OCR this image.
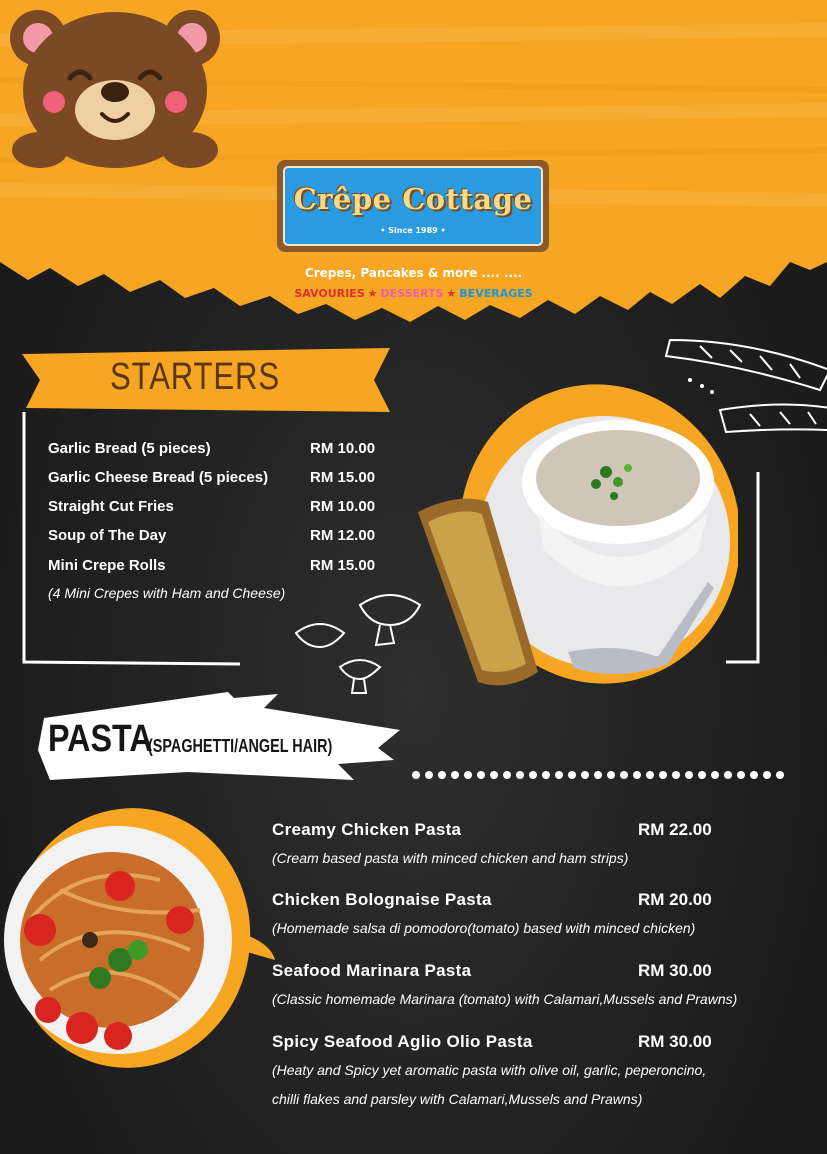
Crêpe Cottage
• Since 1989 •
Crepes, Pancakes & more .... ....
SAVOURIES ★ DESSERTS ★ BEVERAGES
STARTERS
Garlic Bread (5 pieces)	RM 10.00
Garlic Cheese Bread (5 pieces)	RM 15.00
Straight Cut Fries	RM 10.00
Soup of The Day	RM 12.00
Mini Crepe Rolls	RM 15.00
(4 Mini Crepes with Ham and Cheese)
PASTA
(SPAGHETTI/ANGEL HAIR)
Creamy Chicken Pasta	RM 22.00
(Cream based pasta with minced chicken and ham strips)
Chicken Bolognaise Pasta	RM 20.00
(Homemade salsa di pomodoro(tomato) based with minced chicken)
Seafood Marinara Pasta	RM 30.00
(Classic homemade Marinara (tomato) with Calamari,Mussels and Prawns)
Spicy Seafood Aglio Olio Pasta	RM 30.00
(Heaty and Spicy yet aromatic pasta with olive oil, garlic, peperoncino,
chilli flakes and parsley with Calamari,Mussels and Prawns)
